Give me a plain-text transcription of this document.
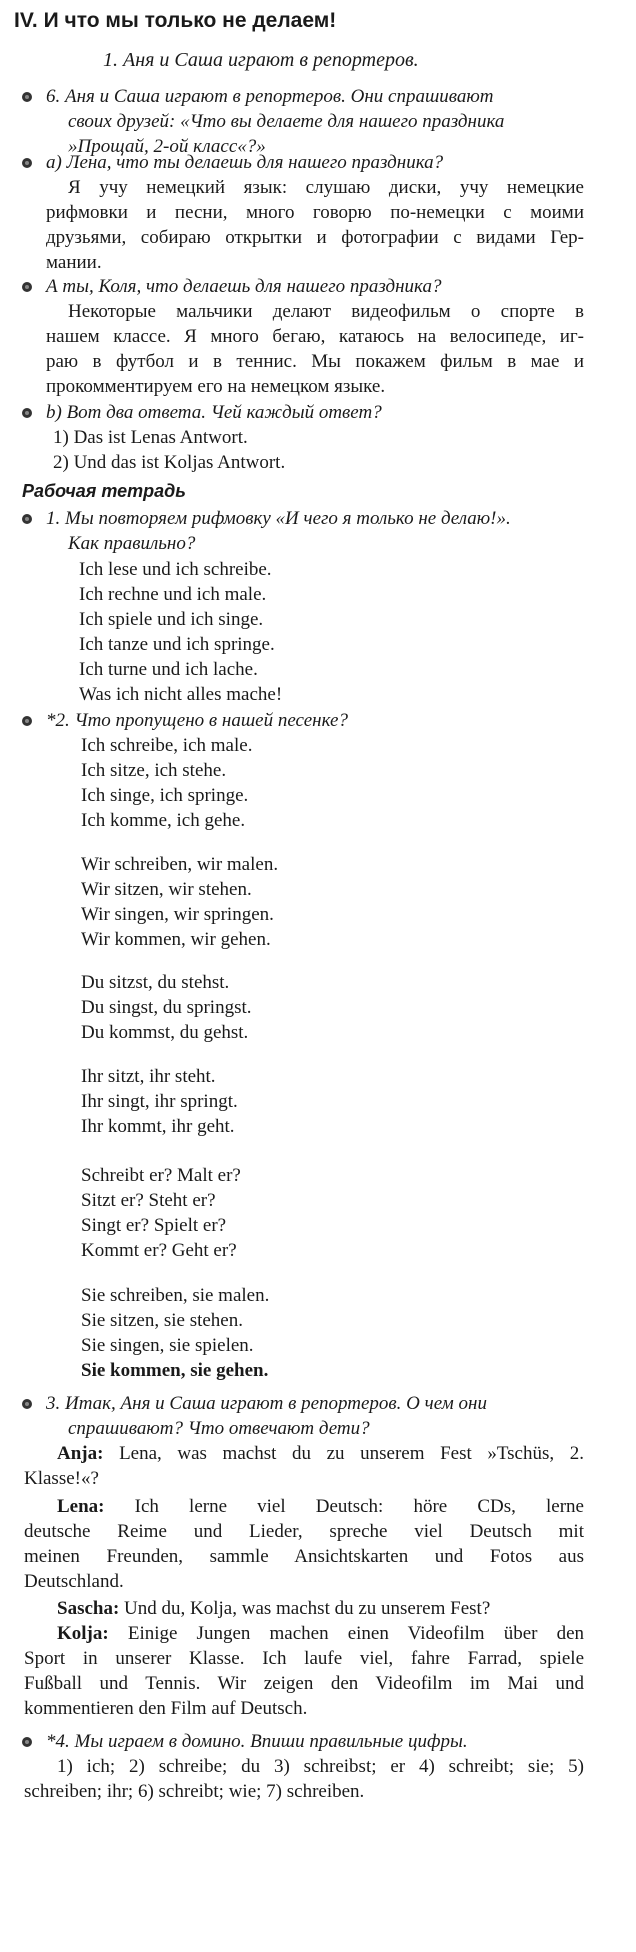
IV. И что мы только не делаем!
1. Аня и Саша играют в репортеров.
6. Аня и Саша играют в репортеров. Они спрашивают
своих друзей: «Что вы делаете для нашего праздника
»Прощай, 2-ой класс«?»
а) Лена, что ты делаешь для нашего праздника?
Я учу немецкий язык: слушаю диски, учу немецкие
рифмовки и песни, много говорю по-немецки с моими
друзьями, собираю открытки и фотографии с видами Гер-
мании.
А ты, Коля, что делаешь для нашего праздника?
Некоторые мальчики делают видеофильм о спорте в
нашем классе. Я много бегаю, катаюсь на велосипеде, иг-
раю в футбол и в теннис. Мы покажем фильм в мае и
прокомментируем его на немецком языке.
b) Вот два ответа. Чей каждый ответ?
1) Das ist Lenas Antwort.
2) Und das ist Koljas Antwort.
Рабочая тетрадь
1. Мы повторяем рифмовку «И чего я только не делаю!».
Как правильно?
Ich lese und ich schreibe.
Ich rechne und ich male.
Ich spiele und ich singe.
Ich tanze und ich springe.
Ich turne und ich lache.
Was ich nicht alles mache!
*2. Что пропущено в нашей песенке?
Ich schreibe, ich male.
Ich sitze, ich stehe.
Ich singe, ich springe.
Ich komme, ich gehe.
Wir schreiben, wir malen.
Wir sitzen, wir stehen.
Wir singen, wir springen.
Wir kommen, wir gehen.
Du sitzst, du stehst.
Du singst, du springst.
Du kommst, du gehst.
Ihr sitzt, ihr steht.
Ihr singt, ihr springt.
Ihr kommt, ihr geht.
Schreibt er? Malt er?
Sitzt er? Steht er?
Singt er? Spielt er?
Kommt er? Geht er?
Sie schreiben, sie malen.
Sie sitzen, sie stehen.
Sie singen, sie spielen.
Sie kommen, sie gehen.
3. Итак, Аня и Саша играют в репортеров. О чем они
спрашивают? Что отвечают дети?
Anja: Lena, was machst du zu unserem Fest »Tschüs, 2.
Klasse!«?
Lena: Ich lerne viel Deutsch: höre CDs, lerne
deutsche Reime und Lieder, spreche viel Deutsch mit
meinen Freunden, sammle Ansichtskarten und Fotos aus
Deutschland.
Sascha: Und du, Kolja, was machst du zu unserem Fest?
Kolja: Einige Jungen machen einen Videofilm über den
Sport in unserer Klasse. Ich laufe viel, fahre Farrad, spiele
Fußball und Tennis. Wir zeigen den Videofilm im Mai und
kommentieren den Film auf Deutsch.
*4. Мы играем в домино. Впиши правильные цифры.
1) ich; 2) schreibe; du 3) schreibst; er 4) schreibt; sie; 5)
schreiben; ihr; 6) schreibt; wie; 7) schreiben.
